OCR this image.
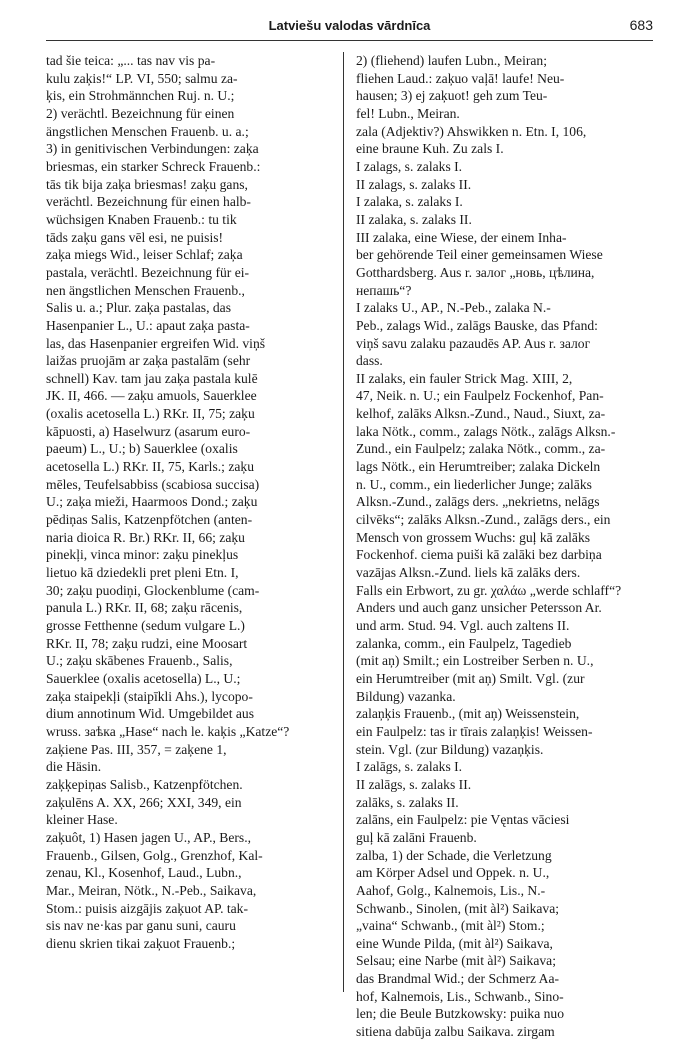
Latviešu valodas vārdnīca	683
tad šie teica: „... tas nav vis pa-
kulu zaķis!“ LP. VI, 550; salmu za-
ķis, ein Strohmännchen Ruj. n. U.;
2) verächtl. Bezeichnung für einen
ängstlichen Menschen Frauenb. u. a.;
3) in genitivischen Verbindungen: zaķa
briesmas, ein starker Schreck Frauenb.:
tās tik bija zaķa briesmas! zaķu gans,
verächtl. Bezeichnung für einen halb-
wüchsigen Knaben Frauenb.: tu tik
tāds zaķu gans vēl esi, ne puisis!
zaķa miegs Wid., leiser Schlaf; zaķa
pastala, verächtl. Bezeichnung für ei-
nen ängstlichen Menschen Frauenb.,
Salis u. a.; Plur. zaķa pastalas, das
Hasenpanier L., U.: apaut zaķa pasta-
las, das Hasenpanier ergreifen Wid. viņš
laižas pruojām ar zaķa pastalām (sehr
schnell) Kav. tam jau zaķa pastala kulē
JK. II, 466. — zaķu amuols, Sauerklee
(oxalis acetosella L.) RKr. II, 75; zaķu
kāpuosti, a) Haselwurz (asarum euro-
paeum) L., U.; b) Sauerklee (oxalis
acetosella L.) RKr. II, 75, Karls.; zaķu
mēles, Teufelsabbiss (scabiosa succisa)
U.; zaķa mieži, Haarmoos Dond.; zaķu
pēdiņas Salis, Katzenpfötchen (anten-
naria dioica R. Br.) RKr. II, 66; zaķu
pinekļi, vinca minor: zaķu pinekļus
lietuo kā dziedekli pret pleni Etn. I,
30; zaķu puodiņi, Glockenblume (cam-
panula L.) RKr. II, 68; zaķu rācenis,
grosse Fetthenne (sedum vulgare L.)
RKr. II, 78; zaķu rudzi, eine Moosart
U.; zaķu skābenes Frauenb., Salis,
Sauerklee (oxalis acetosella) L., U.;
zaķa staipekļi (staipīkli Ahs.), lycopo-
dium annotinum Wid. Umgebildet aus
wruss. заѣка „Hase“ nach le. kaķis „Katze“?
zaķiene Pas. III, 357, = zaķene 1,
die Häsin.
zaķķepiņas Salisb., Katzenpfötchen.
zaķulēns A. XX, 266; XXI, 349, ein
kleiner Hase.
zaķuôt, 1) Hasen jagen U., AP., Bers.,
Frauenb., Gilsen, Golg., Grenzhof, Kal-
zenau, Kl., Kosenhof, Laud., Lubn.,
Mar., Meiran, Nötk., N.-Peb., Saikava,
Stom.: puisis aizgājis zaķuot AP. tak-
sis nav ne·kas par ganu suni, cauru
dienu skrien tikai zaķuot Frauenb.;
2) (fliehend) laufen Lubn., Meiran;
fliehen Laud.: zaķuo vaļā! laufe! Neu-
hausen; 3) ej zaķuot! geh zum Teu-
fel! Lubn., Meiran.
zala (Adjektiv?) Ahswikken n. Etn. I, 106,
eine braune Kuh. Zu zals I.
I zalags, s. zalaks I.
II zalags, s. zalaks II.
I zalaka, s. zalaks I.
II zalaka, s. zalaks II.
III zalaka, eine Wiese, der einem Inha-
ber gehörende Teil einer gemeinsamen Wiese
Gotthardsberg. Aus r. залог „новь, цѣлина,
непашь“?
I zalaks U., AP., N.-Peb., zalaka N.-
Peb., zalags Wid., zalāgs Bauske, das Pfand:
viņš savu zalaku pazaudēs AP. Aus r. залог
dass.
II zalaks, ein fauler Strick Mag. XIII, 2,
47, Neik. n. U.; ein Faulpelz Fockenhof, Pan-
kelhof, zalāks Alksn.-Zund., Naud., Siuxt, za-
laka Nötk., comm., zalags Nötk., zalāgs Alksn.-
Zund., ein Faulpelz; zalaka Nötk., comm., za-
lags Nötk., ein Herumtreiber; zalaka Dickeln
n. U., comm., ein liederlicher Junge; zalāks
Alksn.-Zund., zalāgs ders. „nekrietns, nelāgs
cilvēks“; zalāks Alksn.-Zund., zalāgs ders., ein
Mensch von grossem Wuchs: guļ kā zalāks
Fockenhof. ciema puiši kā zalāki bez darbiņa
vazājas Alksn.-Zund. liels kā zalāks ders.
Falls ein Erbwort, zu gr. χαλάω „werde schlaff“?
Anders und auch ganz unsicher Petersson Ar.
und arm. Stud. 94. Vgl. auch zaltens II.
zalanka, comm., ein Faulpelz, Tagedieb
(mit aņ) Smilt.; ein Lostreiber Serben n. U.,
ein Herumtreiber (mit aņ) Smilt. Vgl. (zur
Bildung) vazanka.
zalaņķis Frauenb., (mit aņ) Weissenstein,
ein Faulpelz: tas ir tīrais zalaņķis! Weissen-
stein. Vgl. (zur Bildung) vazaņķis.
I zalāgs, s. zalaks I.
II zalāgs, s. zalaks II.
zalāks, s. zalaks II.
zalāns, ein Faulpelz: pie Vęntas vāciesi
guļ kā zalāni Frauenb.
zalba, 1) der Schade, die Verletzung
am Körper Adsel und Oppek. n. U.,
Aahof, Golg., Kalnemois, Lis., N.-
Schwanb., Sinolen, (mit àl²) Saikava;
„vaina“ Schwanb., (mit àl²) Stom.;
eine Wunde Pilda, (mit àl²) Saikava,
Selsau; eine Narbe (mit àl²) Saikava;
das Brandmal Wid.; der Schmerz Aa-
hof, Kalnemois, Lis., Schwanb., Sino-
len; die Beule Butzkowsky: puika nuo
sitiena dabūja zalbu Saikava. zirgam
